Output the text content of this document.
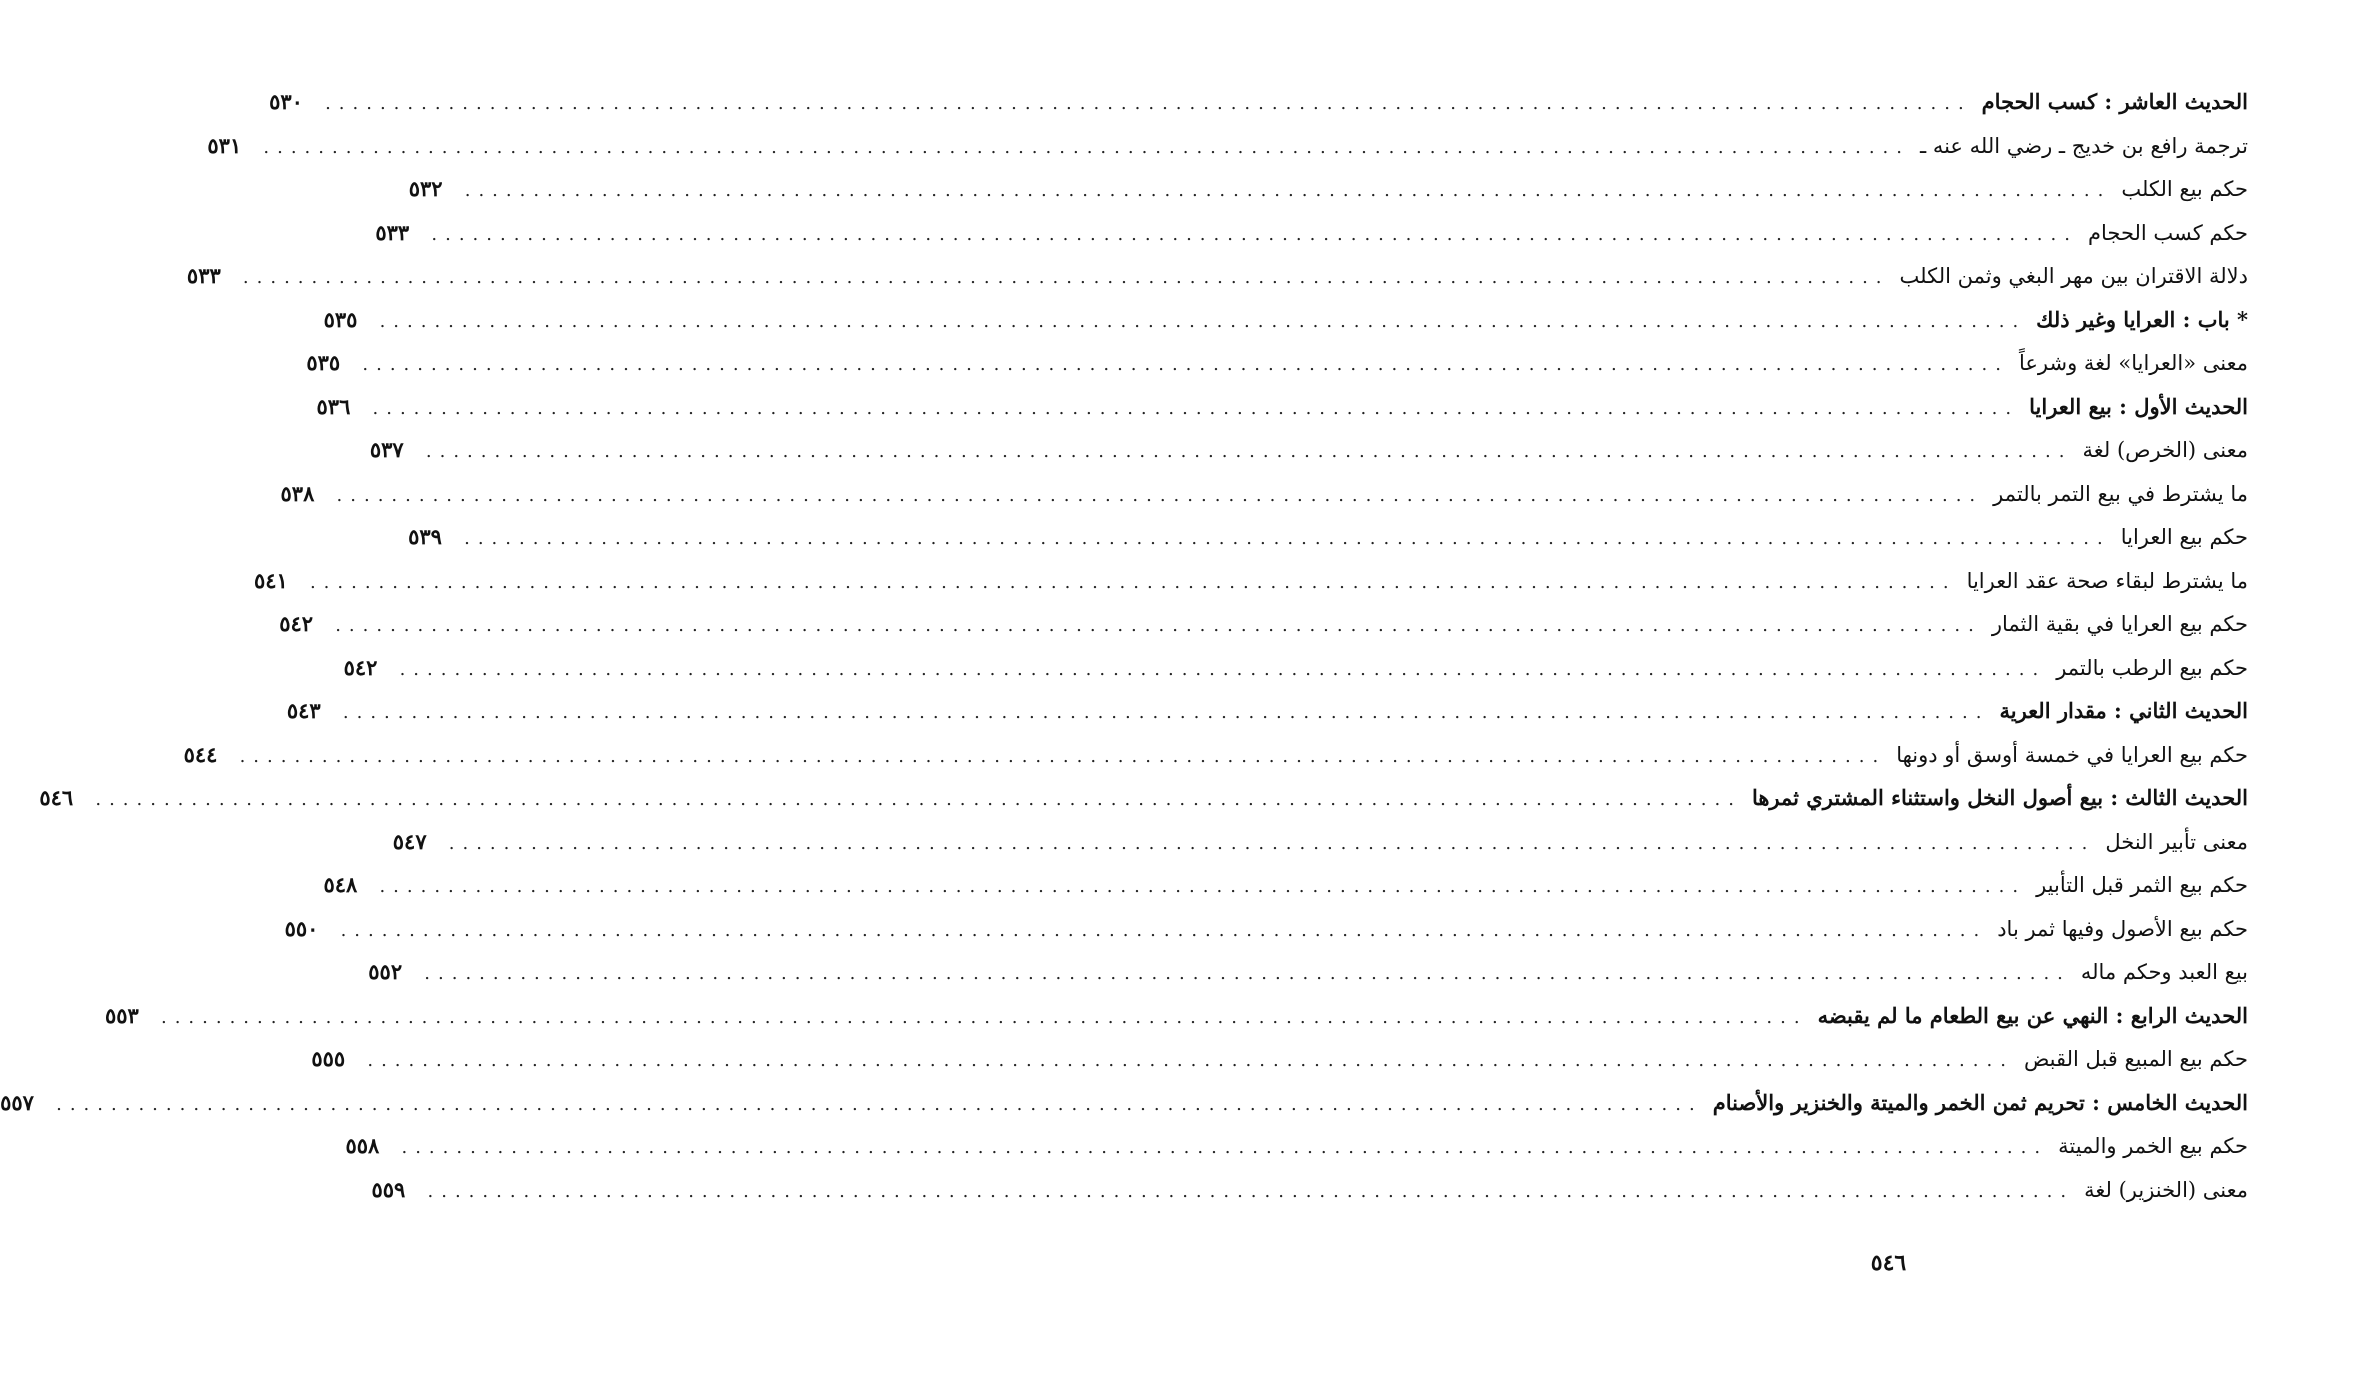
الحديث العاشر : كسب الحجام
........................................................................................................................
٥٣٠
ترجمة رافع بن خديج ـ رضي الله عنه ـ
........................................................................................................................
٥٣١
حكم بيع الكلب
........................................................................................................................
٥٣٢
حكم كسب الحجام
........................................................................................................................
٥٣٣
دلالة الاقتران بين مهر البغي وثمن الكلب
........................................................................................................................
٥٣٣
* باب : العرايا وغير ذلك
........................................................................................................................
٥٣٥
معنى «العرايا» لغة وشرعاً
........................................................................................................................
٥٣٥
الحديث الأول : بيع العرايا
........................................................................................................................
٥٣٦
معنى (الخرص) لغة
........................................................................................................................
٥٣٧
ما يشترط في بيع التمر بالتمر
........................................................................................................................
٥٣٨
حكم بيع العرايا
........................................................................................................................
٥٣٩
ما يشترط لبقاء صحة عقد العرايا
........................................................................................................................
٥٤١
حكم بيع العرايا في بقية الثمار
........................................................................................................................
٥٤٢
حكم بيع الرطب بالتمر
........................................................................................................................
٥٤٢
الحديث الثاني : مقدار العرية
........................................................................................................................
٥٤٣
حكم بيع العرايا في خمسة أوسق أو دونها
........................................................................................................................
٥٤٤
الحديث الثالث : بيع أصول النخل واستثناء المشتري ثمرها
........................................................................................................................
٥٤٦
معنى تأبير النخل
........................................................................................................................
٥٤٧
حكم بيع الثمر قبل التأبير
........................................................................................................................
٥٤٨
حكم بيع الأصول وفيها ثمر باد
........................................................................................................................
٥٥٠
بيع العبد وحكم ماله
........................................................................................................................
٥٥٢
الحديث الرابع : النهي عن بيع الطعام ما لم يقبضه
........................................................................................................................
٥٥٣
حكم بيع المبيع قبل القبض
........................................................................................................................
٥٥٥
الحديث الخامس : تحريم ثمن الخمر والميتة والخنزير والأصنام
........................................................................................................................
٥٥٧
حكم بيع الخمر والميتة
........................................................................................................................
٥٥٨
معنى (الخنزير) لغة
........................................................................................................................
٥٥٩
٥٤٦
